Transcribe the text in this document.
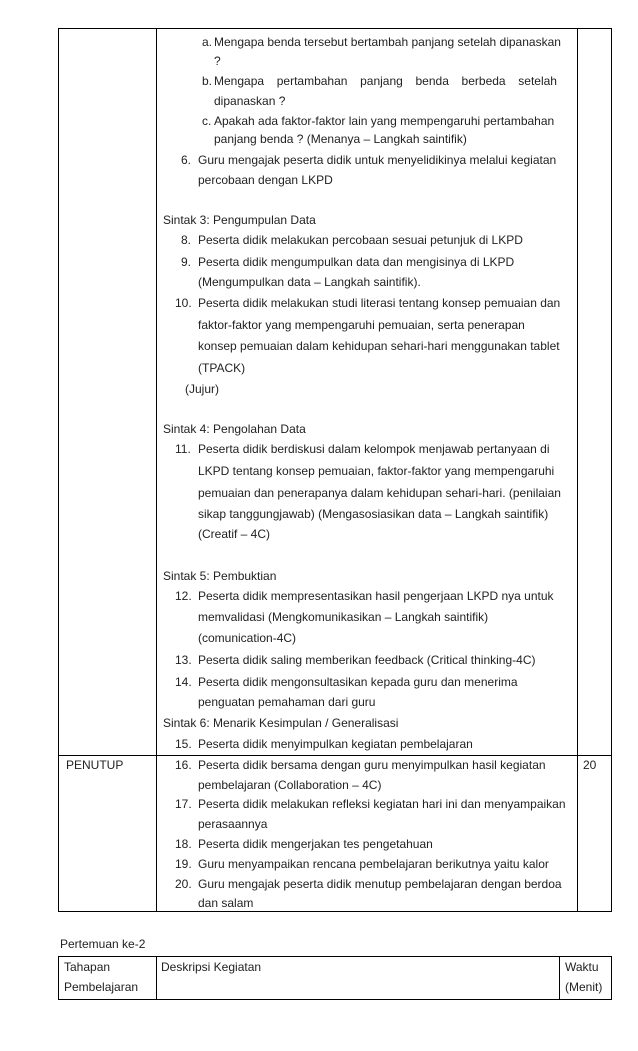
a. Mengapa benda tersebut bertambah panjang setelah dipanaskan
?
b. Mengapa pertambahan panjang benda berbeda setelah
dipanaskan ?
c. Apakah ada faktor-faktor lain yang mempengaruhi pertambahan
panjang benda ? (Menanya – Langkah saintifik)
6. Guru mengajak peserta didik untuk menyelidikinya melalui kegiatan
percobaan dengan LKPD
Sintak 3: Pengumpulan Data
8. Peserta didik melakukan percobaan sesuai petunjuk di LKPD
9. Peserta didik mengumpulkan data dan mengisinya di LKPD
(Mengumpulkan data – Langkah saintifik).
10. Peserta didik melakukan studi literasi tentang konsep pemuaian dan
faktor-faktor yang mempengaruhi pemuaian, serta penerapan
konsep pemuaian dalam kehidupan sehari-hari menggunakan tablet
(TPACK)
(Jujur)
Sintak 4: Pengolahan Data
11. Peserta didik berdiskusi dalam kelompok menjawab pertanyaan di
LKPD tentang konsep pemuaian, faktor-faktor yang mempengaruhi
pemuaian dan penerapanya dalam kehidupan sehari-hari. (penilaian
sikap tanggungjawab) (Mengasosiasikan data – Langkah saintifik)
(Creatif – 4C)
Sintak 5: Pembuktian
12. Peserta didik mempresentasikan hasil pengerjaan LKPD nya untuk
memvalidasi (Mengkomunikasikan – Langkah saintifik)
(comunication-4C)
13. Peserta didik saling memberikan feedback (Critical thinking-4C)
14. Peserta didik mengonsultasikan kepada guru dan menerima
penguatan pemahaman dari guru
Sintak 6: Menarik Kesimpulan / Generalisasi
15. Peserta didik menyimpulkan kegiatan pembelajaran
PENUTUP	20
16. Peserta didik bersama dengan guru menyimpulkan hasil kegiatan
pembelajaran (Collaboration – 4C)
17. Peserta didik melakukan refleksi kegiatan hari ini dan menyampaikan
perasaannya
18. Peserta didik mengerjakan tes pengetahuan
19. Guru menyampaikan rencana pembelajaran berikutnya yaitu kalor
20. Guru mengajak peserta didik menutup pembelajaran dengan berdoa
dan salam
Pertemuan ke-2
Tahapan
Pembelajaran
Deskripsi Kegiatan	Waktu
(Menit)
